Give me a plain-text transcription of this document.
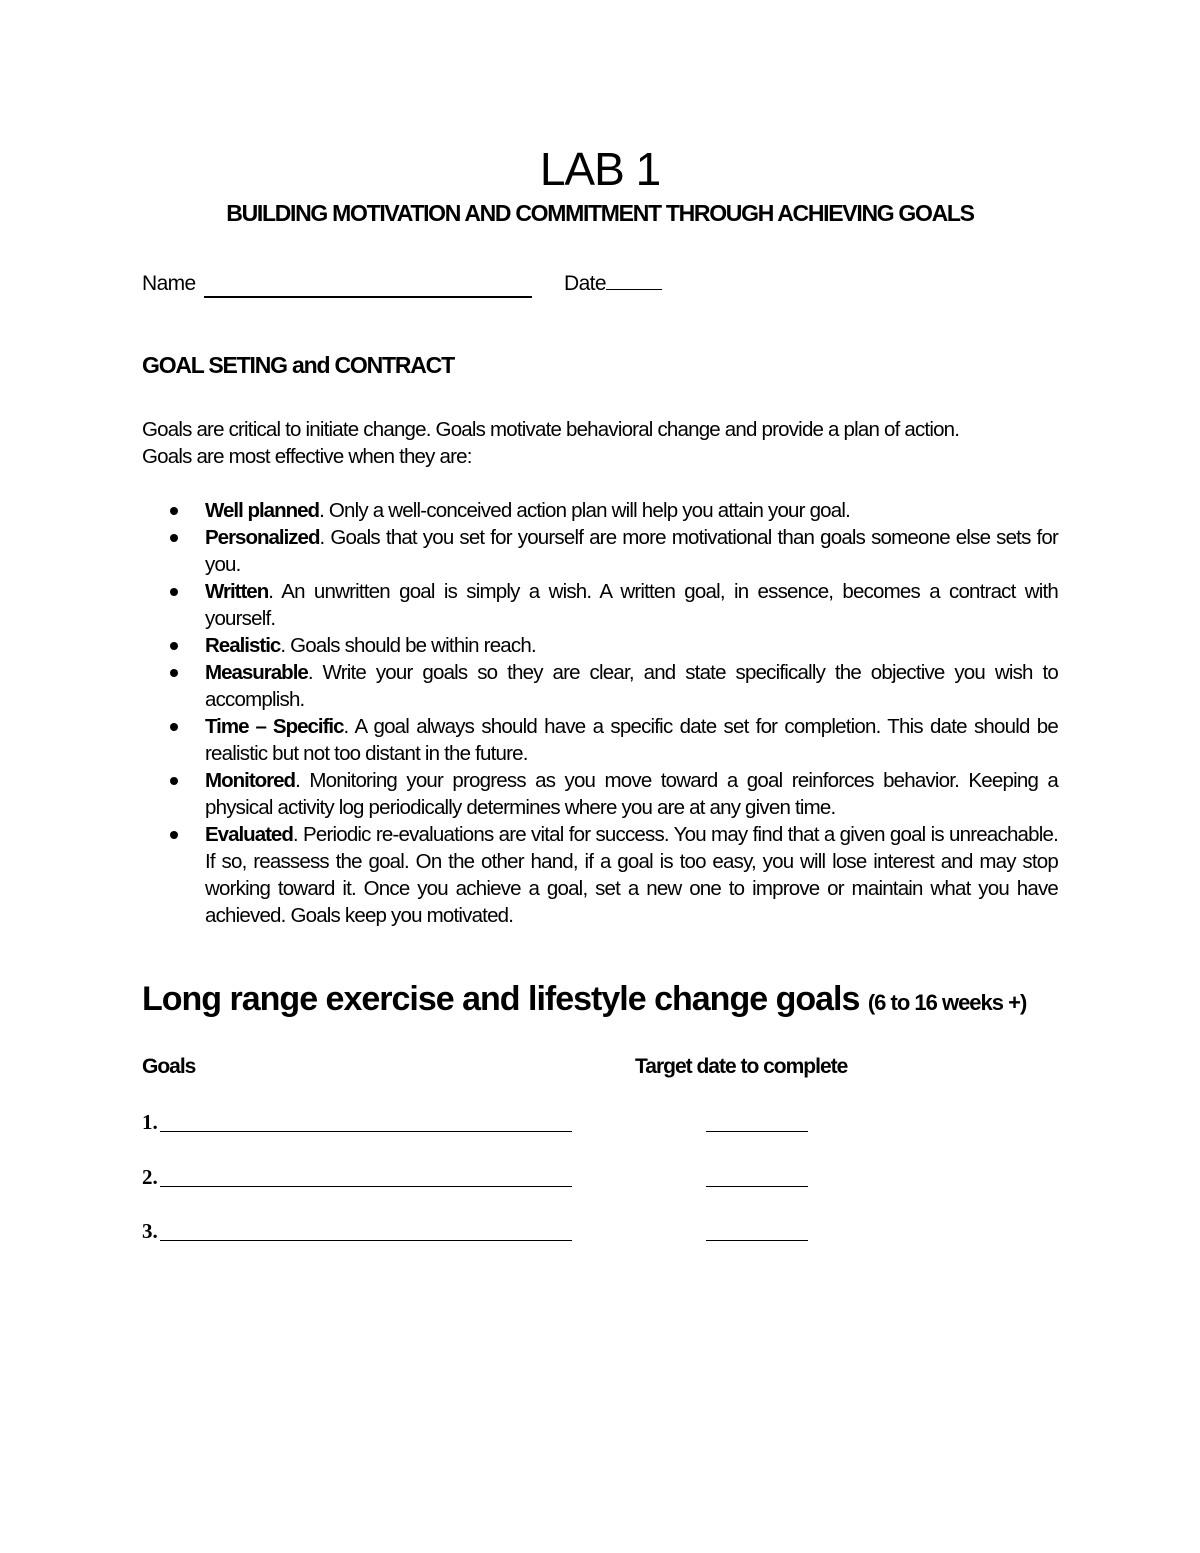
LAB 1
BUILDING MOTIVATION AND COMMITMENT THROUGH ACHIEVING GOALS
Name	Date
GOAL SETING and CONTRACT

Goals are critical to initiate change. Goals motivate behavioral change and provide a plan of action.

Goals are most effective when they are:

Well planned. Only a well-conceived action plan will help you attain your goal.
Personalized. Goals that you set for yourself are more motivational than goals someone else sets for you.
Written. An unwritten goal is simply a wish. A written goal, in essence, becomes a contract with yourself.
Realistic. Goals should be within reach.
Measurable. Write your goals so they are clear, and state specifically the objective you wish to accomplish.
Time – Specific. A goal always should have a specific date set for completion. This date should be realistic but not too distant in the future.
Monitored. Monitoring your progress as you move toward a goal reinforces behavior. Keeping a physical activity log periodically determines where you are at any given time.
Evaluated. Periodic re-evaluations are vital for success. You may find that a given goal is unreachable. If so, reassess the goal. On the other hand, if a goal is too easy, you will lose interest and may stop working toward it. Once you achieve a goal, set a new one to improve or maintain what you have achieved. Goals keep you motivated.
Long range exercise and lifestyle change goals (6 to 16 weeks +)
Goals	Target date to complete
1.
2.
3.
